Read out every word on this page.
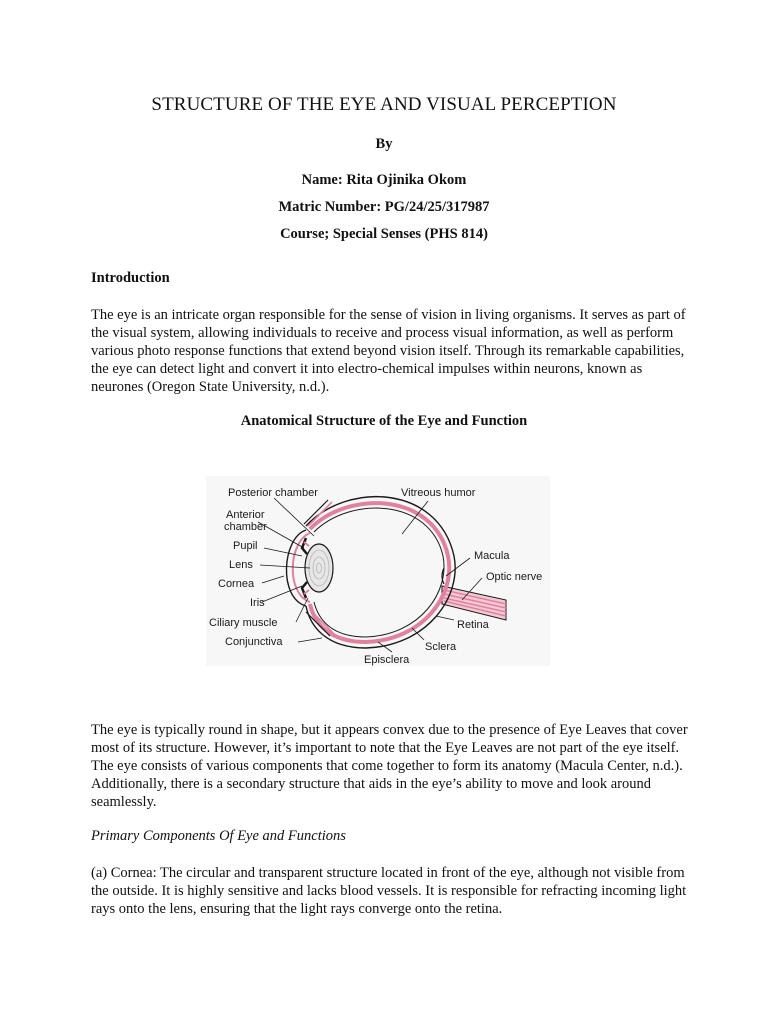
STRUCTURE OF THE EYE AND VISUAL PERCEPTION
By
Name: Rita Ojinika Okom
Matric Number: PG/24/25/317987
Course; Special Senses (PHS 814)
Introduction

The eye is an intricate organ responsible for the sense of vision in living organisms. It serves as part of the visual system, allowing individuals to receive and process visual information, as well as perform various photo response functions that extend beyond vision itself. Through its remarkable capabilities, the eye can detect light and convert it into electro-chemical impulses within neurons, known as neurones (Oregon State University, n.d.).

Anatomical Structure of the Eye and Function
Posterior chamber
Anterior
chamber
Pupil
Lens
Cornea
Iris
Ciliary muscle
Conjunctiva
Vitreous humor
Macula
Optic nerve
Retina
Sclera
Episclera

The eye is typically round in shape, but it appears convex due to the presence of Eye Leaves that cover most of its structure. However, it’s important to note that the Eye Leaves are not part of the eye itself. The eye consists of various components that come together to form its anatomy (Macula Center, n.d.). Additionally, there is a secondary structure that aids in the eye’s ability to move and look around seamlessly.

Primary Components Of Eye and Functions

(a) Cornea: The circular and transparent structure located in front of the eye, although not visible from the outside. It is highly sensitive and lacks blood vessels. It is responsible for refracting incoming light rays onto the lens, ensuring that the light rays converge onto the retina.
